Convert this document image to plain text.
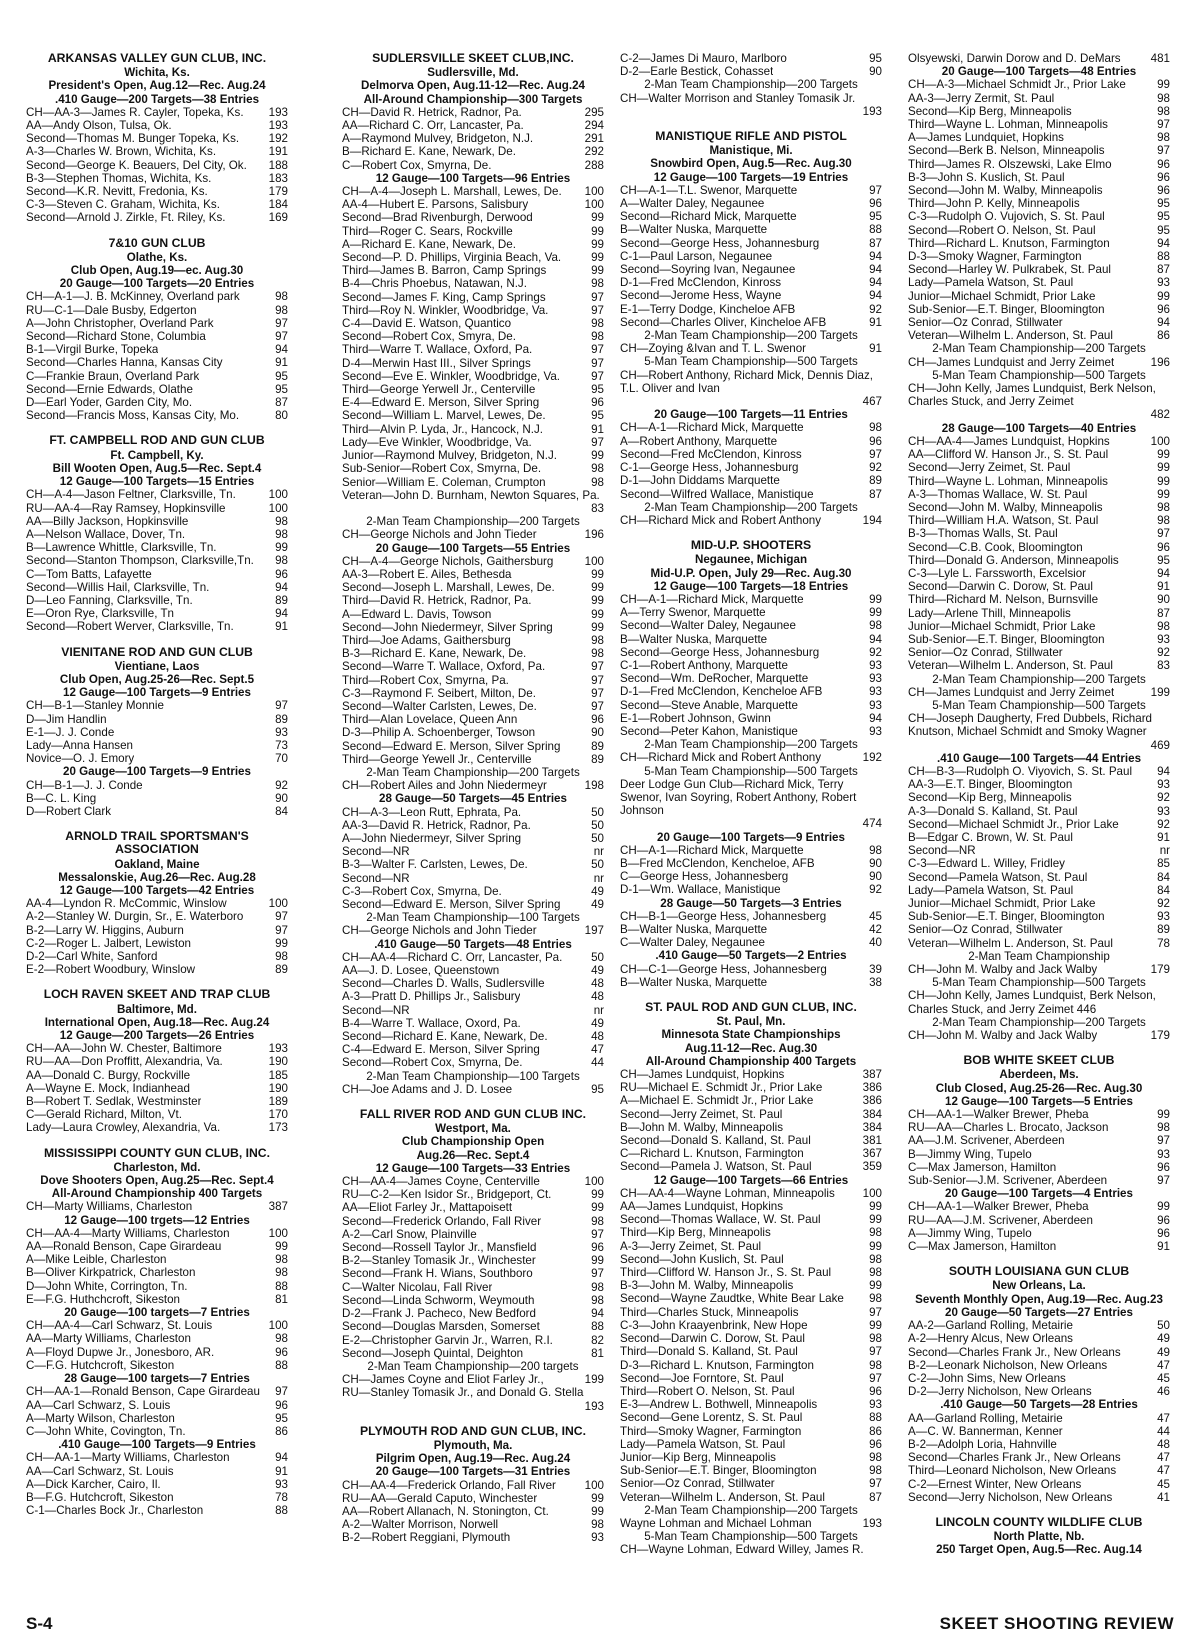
ARKANSAS VALLEY GUN CLUB, INC.
Wichita, Ks.
President's Open, Aug.12—Rec. Aug.24
.410 Gauge—200 Targets—38 Entries
CH—AA-3—James R. Cayler, Topeka, Ks.	193
AA—Andy Olson, Tulsa, Ok.	193
Second—Thomas M. Bunger Topeka, Ks.	192
A-3—Charles W. Brown, Wichita, Ks.	191
Second—George K. Beauers, Del City, Ok.	188
B-3—Stephen Thomas, Wichita, Ks.	183
Second—K.R. Nevitt, Fredonia, Ks.	179
C-3—Steven C. Graham, Wichita, Ks.	184
Second—Arnold J. Zirkle, Ft. Riley, Ks.	169
7&10 GUN CLUB
Olathe, Ks.
Club Open, Aug.19—ec. Aug.30
20 Gauge—100 Targets—20 Entries
CH—A-1—J. B. McKinney, Overland park	98
RU—C-1—Dale Busby, Edgerton	98
A—John Christopher, Overland Park	97
Second—Richard Stone, Columbia	97
B-1—Virgil Burke, Topeka	94
Second—Charles Hanna, Kansas City	91
C—Frankie Braun, Overland Park	95
Second—Ernie Edwards, Olathe	95
D—Earl Yoder, Garden City, Mo.	87
Second—Francis Moss, Kansas City, Mo.	80
FT. CAMPBELL ROD AND GUN CLUB
Ft. Campbell, Ky.
Bill Wooten Open, Aug.5—Rec. Sept.4
12 Gauge—100 Targets—15 Entries
CH—A-4—Jason Feltner, Clarksville, Tn.	100
RU—AA-4—Ray Ramsey, Hopkinsville	100
AA—Billy Jackson, Hopkinsville	98
A—Nelson Wallace, Dover, Tn.	98
B—Lawrence Whittle, Clarksville, Tn.	99
Second—Stanton Thompson, Clarksville,Tn.	98
C—Tom Batts, Lafayette	96
Second—Willis Hail, Clarksville, Tn.	94
D—Leo Fanning, Clarksville, Tn.	89
E—Oron Rye, Clarksville, Tn	94
Second—Robert Werver, Clarksville, Tn.	91
VIENITANE ROD AND GUN CLUB
Vientiane, Laos
Club Open, Aug.25-26—Rec. Sept.5
12 Gauge—100 Targets—9 Entries
CH—B-1—Stanley Monnie	97
D—Jim Handlin	89
E-1—J. J. Conde	93
Lady—Anna Hansen	73
Novice—O. J. Emory	70
20 Gauge—100 Targets—9 Entries
CH—B-1—J. J. Conde	92
B—C. L. King	90
D—Robert Clark	84
ARNOLD TRAIL SPORTSMAN'S ASSOCIATION
Oakland, Maine
Messalonskie, Aug.26—Rec. Aug.28
12 Gauge—100 Targets—42 Entries
AA-4—Lyndon R. McCommic, Winslow	100
A-2—Stanley W. Durgin, Sr., E. Waterboro	97
B-2—Larry W. Higgins, Auburn	97
C-2—Roger L. Jalbert, Lewiston	99
D-2—Carl White, Sanford	98
E-2—Robert Woodbury, Winslow	89
LOCH RAVEN SKEET AND TRAP CLUB
Baltimore, Md.
International Open, Aug.18—Rec. Aug.24
12 Gauge—200 Targets—26 Entries
CH—AA—John W. Chester, Baltimore	193
RU—AA—Don Proffitt, Alexandria, Va.	190
AA—Donald C. Burgy, Rockville	185
A—Wayne E. Mock, Indianhead	190
B—Robert T. Sedlak, Westminster	189
C—Gerald Richard, Milton, Vt.	170
Lady—Laura Crowley, Alexandria, Va.	173
MISSISSIPPI COUNTY GUN CLUB, INC.
Charleston, Md.
Dove Shooters Open, Aug.25—Rec. Sept.4
All-Around Championship 400 Targets
CH—Marty Williams, Charleston	387
12 Gauge—100 trgets—12 Entries
CH—AA-4—Marty Williams, Charleston	100
AA—Ronald Benson, Cape Girardeau	99
A—Mike Leible, Charleston	98
B—Oliver Kirkpatrick, Charleston	98
D—John White, Corrington, Tn.	88
E—F.G. Huthchcroft, Sikeston	81
20 Gauge—100 targets—7 Entries
CH—AA-4—Carl Schwarz, St. Louis	100
AA—Marty Williams, Charleston	98
A—Floyd Dupwe Jr., Jonesboro, AR.	96
C—F.G. Hutchcroft, Sikeston	88
28 Gauge—100 targets—7 Entries
CH—AA-1—Ronald Benson, Cape Girardeau	97
AA—Carl Schwarz, S. Louis	96
A—Marty Wilson, Charleston	95
C—John White, Covington, Tn.	86
.410 Gauge—100 Targets—9 Entries
CH—AA-1—Marty Williams, Charleston	94
AA—Carl Schwarz, St. Louis	91
A—Dick Karcher, Cairo, Il.	93
B—F.G. Hutchcroft, Sikeston	78
C-1—Charles Bock Jr., Charleston	88
SUDLERSVILLE SKEET CLUB,INC.
Sudlersville, Md.
Delmorva Open, Aug.11-12—Rec. Aug.24
All-Around Championship—300 Targets
CH—David R. Hetrick, Radnor, Pa.	295
AA—Richard C. Orr, Lancaster, Pa.	294
A—Raymond Mulvey, Bridgeton, N.J.	291
B—Richard E. Kane, Newark, De.	292
C—Robert Cox, Smyrna, De.	288
12 Gauge—100 Targets—96 Entries
CH—A-4—Joseph L. Marshall, Lewes, De.	100
AA-4—Hubert E. Parsons, Salisbury	100
Second—Brad Rivenburgh, Derwood	99
Third—Roger C. Sears, Rockville	99
A—Richard E. Kane, Newark, De.	99
Second—P. D. Phillips, Virginia Beach, Va.	99
Third—James B. Barron, Camp Springs	99
B-4—Chris Phoebus, Natawan, N.J.	98
Second—James F. King, Camp Springs	97
Third—Roy N. Winkler, Woodbridge, Va.	97
C-4—David E. Watson, Quantico	98
Second—Robert Cox, Smyra, De.	98
Third—Warre T. Wallace, Oxford, Pa.	97
D-4—Merwin Hast III., Silver Springs	97
Second—Eve E. Winkler, Woodbridge, Va.	97
Third—George Yerwell Jr., Centerville	95
E-4—Edward E. Merson, Silver Spring	96
Second—William L. Marvel, Lewes, De.	95
Third—Alvin P. Lyda, Jr., Hancock, N.J.	91
Lady—Eve Winkler, Woodbridge, Va.	97
Junior—Raymond Mulvey, Bridgeton, N.J.	99
Sub-Senior—Robert Cox, Smyrna, De.	98
Senior—William E. Coleman, Crumpton	98
Veteran—John D. Burnham, Newton Squares, Pa.
83
2-Man Team Championship—200 Targets
CH—George Nichols and John Tieder	196
20 Gauge—100 Targets—55 Entries
CH—A-4—George Nichols, Gaithersburg	100
AA-3—Robert E. Ailes, Bethesda	99
Second—Joseph L. Marshall, Lewes, De.	99
Third—David R. Hetrick, Radnor, Pa.	99
A—Edward L. Davis, Towson	99
Second—John Niedermeyr, Silver Spring	99
Third—Joe Adams, Gaithersburg	98
B-3—Richard E. Kane, Newark, De.	98
Second—Warre T. Wallace, Oxford, Pa.	97
Third—Robert Cox, Smyrna, Pa.	97
C-3—Raymond F. Seibert, Milton, De.	97
Second—Walter Carlsten, Lewes, De.	97
Third—Alan Lovelace, Queen Ann	96
D-3—Philip A. Schoenberger, Towson	90
Second—Edward E. Merson, Silver Spring	89
Third—George Yewell Jr., Centerville	89
2-Man Team Championship—200 Targets
CH—Robert Ailes and John Niedermeyr	198
28 Gauge—50 Targets—45 Entries
CH—A-3—Leon Rutt, Ephrata, Pa.	50
AA-3—David R. Hetrick, Radnor, Pa.	50
A—John Niedermeyr, Silver Spring	50
Second—NR	nr
B-3—Walter F. Carlsten, Lewes, De.	50
Second—NR	nr
C-3—Robert Cox, Smyrna, De.	49
Second—Edward E. Merson, Silver Spring	49
2-Man Team Championship—100 Targets
CH—George Nichols and John Tieder	197
.410 Gauge—50 Targets—48 Entries
CH—AA-4—Richard C. Orr, Lancaster, Pa.	50
AA—J. D. Losee, Queenstown	49
Second—Charles D. Walls, Sudlersville	48
A-3—Pratt D. Phillips Jr., Salisbury	48
Second—NR	nr
B-4—Warre T. Wallace, Oxord, Pa.	49
Second—Richard E. Kane, Newark, De.	48
C-4—Edward E. Merson, Silver Spring	47
Second—Robert Cox, Smyrna, De.	44
2-Man Team Championship—100 Targets
CH—Joe Adams and J. D. Losee	95
FALL RIVER ROD AND GUN CLUB INC.
Westport, Ma.
Club Championship Open
Aug.26—Rec. Sept.4
12 Gauge—100 Targets—33 Entries
CH—AA-4—James Coyne, Centerville	100
RU—C-2—Ken Isidor Sr., Bridgeport, Ct.	99
AA—Eliot Farley Jr., Mattapoisett	99
Second—Frederick Orlando, Fall River	98
A-2—Carl Snow, Plainville	97
Second—Rossell Taylor Jr., Mansfield	96
B-2—Stanley Tomasik Jr., Winchester	99
Second—Frank H. Wians, Southboro	97
C—Walter Nicolau, Fall River	98
Second—Linda Schworm, Weymouth	98
D-2—Frank J. Pacheco, New Bedford	94
Second—Douglas Marsden, Somerset	88
E-2—Christopher Garvin Jr., Warren, R.I.	82
Second—Joseph Quintal, Deighton	81
2-Man Team Championship—200 targets
CH—James Coyne and Eliot Farley Jr.,	199
RU—Stanley Tomasik Jr., and Donald G. Stella
193
PLYMOUTH ROD AND GUN CLUB, INC.
Plymouth, Ma.
Pilgrim Open, Aug.19—Rec. Aug.24
20 Gauge—100 Targets—31 Entries
CH—AA-4—Frederick Orlando, Fall River	100
RU—AA—Gerald Caputo, Winchester	99
AA—Robert Allanach, N. Stonington, Ct.	99
A-2—Walter Morrison, Norwell	98
B-2—Robert Reggiani, Plymouth	93
C-2—James Di Mauro, Marlboro	95
D-2—Earle Bestick, Cohasset	90
2-Man Team Championship—200 Targets
CH—Walter Morrison and Stanley Tomasik Jr.
193
MANISTIQUE RIFLE AND PISTOL
Manistique, Mi.
Snowbird Open, Aug.5—Rec. Aug.30
12 Gauge—100 Targets—19 Entries
CH—A-1—T.L. Swenor, Marquette	97
A—Walter Daley, Negaunee	96
Second—Richard Mick, Marquette	95
B—Walter Nuska, Marquette	88
Second—George Hess, Johannesburg	87
C-1—Paul Larson, Negaunee	94
Second—Soyring Ivan, Negaunee	94
D-1—Fred McClendon, Kinross	94
Second—Jerome Hess, Wayne	94
E-1—Terry Dodge, Kincheloe AFB	92
Second—Charles Oliver, Kincheloe AFB	91
2-Man Team Championship—200 Targets
CH—Zoying &Ivan and T. L. Swenor	91
5-Man Team Championship—500 Targets
CH—Robert Anthony, Richard Mick, Dennis Diaz, T.L. Oliver and Ivan
467
20 Gauge—100 Targets—11 Entries
CH—A-1—Richard Mick, Marquette	98
A—Robert Anthony, Marquette	96
Second—Fred McClendon, Kinross	97
C-1—George Hess, Johannesburg	92
D-1—John Diddams Marquette	89
Second—Wilfred Wallace, Manistique	87
2-Man Team Championship—200 Targets
CH—Richard Mick and Robert Anthony	194
MID-U.P. SHOOTERS
Negaunee, Michigan
Mid-U.P. Open, July 29—Rec. Aug.30
12 Gauge—100 Targets—18 Entries
CH—A-1—Richard Mick, Marquette	99
A—Terry Swenor, Marquette	99
Second—Walter Daley, Negaunee	98
B—Walter Nuska, Marquette	94
Second—George Hess, Johannesburg	92
C-1—Robert Anthony, Marquette	93
Second—Wm. DeRocher, Marquette	93
D-1—Fred McClendon, Kencheloe AFB	93
Second—Steve Anable, Marquette	93
E-1—Robert Johnson, Gwinn	94
Second—Peter Kahon, Manistique	93
2-Man Team Championship—200 Targets
CH—Richard Mick and Robert Anthony	192
5-Man Team Championship—500 Targets
Deer Lodge Gun Club—Richard Mick, Terry Swenor, Ivan Soyring, Robert Anthony, Robert Johnson
474
20 Gauge—100 Targets—9 Entries
CH—A-1—Richard Mick, Marquette	98
B—Fred McClendon, Kencheloe, AFB	90
C—George Hess, Johannesberg	90
D-1—Wm. Wallace, Manistique	92
28 Gauge—50 Targets—3 Entries
CH—B-1—George Hess, Johannesberg	45
B—Walter Nuska, Marquette	42
C—Walter Daley, Negaunee	40
.410 Gauge—50 Targets—2 Entries
CH—C-1—George Hess, Johannesberg	39
B—Walter Nuska, Marquette	38
ST. PAUL ROD AND GUN CLUB, INC.
St. Paul, Mn.
Minnesota State Championships
Aug.11-12—Rec. Aug.30
All-Around Championship 400 Targets
CH—James Lundquist, Hopkins	387
RU—Michael E. Schmidt Jr., Prior Lake	386
A—Michael E. Schmidt Jr., Prior Lake	386
Second—Jerry Zeimet, St. Paul	384
B—John M. Walby, Minneapolis	384
Second—Donald S. Kalland, St. Paul	381
C—Richard L. Knutson, Farmington	367
Second—Pamela J. Watson, St. Paul	359
12 Gauge—100 Targets—66 Entries
CH—AA-4—Wayne Lohman, Minneapolis	100
AA—James Lundquist, Hopkins	99
Second—Thomas Wallace, W. St. Paul	99
Third—Kip Berg, Minneapolis	98
A-3—Jerry Zeimet, St. Paul	99
Second—John Kuslich, St. Paul	98
Third—Clifford W. Hanson Jr., S. St. Paul	98
B-3—John M. Walby, Minneapolis	99
Second—Wayne Zaudtke, White Bear Lake	98
Third—Charles Stuck, Minneapolis	97
C-3—John Kraayenbrink, New Hope	99
Second—Darwin C. Dorow, St. Paul	98
Third—Donald S. Kalland, St. Paul	97
D-3—Richard L. Knutson, Farmington	98
Second—Joe Forntore, St. Paul	97
Third—Robert O. Nelson, St. Paul	96
E-3—Andrew L. Bothwell, Minneapolis	93
Second—Gene Lorentz, S. St. Paul	88
Third—Smoky Wagner, Farmington	86
Lady—Pamela Watson, St. Paul	96
Junior—Kip Berg, Minneapolis	98
Sub-Senior—E.T. Binger, Bloomington	98
Senior—Oz Conrad, Stillwater	97
Veteran—Wilhelm L. Anderson, St. Paul	87
2-Man Team Championship—200 Targets
Wayne Lohman and Michael Lohman	193
5-Man Team Championship—500 Targets
CH—Wayne Lohman, Edward Willey, James R.
Olsyewski, Darwin Dorow and D. DeMars	481
20 Gauge—100 Targets—48 Entries
CH—A-3—Michael Schmidt Jr., Prior Lake	99
AA-3—Jerry Zermit, St. Paul	98
Second—Kip Berg, Minneapolis	98
Third—Wayne L. Lohman, Minneapolis	97
A—James Lundquiet, Hopkins	98
Second—Berk B. Nelson, Minneapolis	97
Third—James R. Olszewski, Lake Elmo	96
B-3—John S. Kuslich, St. Paul	96
Second—John M. Walby, Minneapolis	96
Third—John P. Kelly, Minneapolis	95
C-3—Rudolph O. Vujovich, S. St. Paul	95
Second—Robert O. Nelson, St. Paul	95
Third—Richard L. Knutson, Farmington	94
D-3—Smoky Wagner, Farmington	88
Second—Harley W. Pulkrabek, St. Paul	87
Lady—Pamela Watson, St. Paul	93
Junior—Michael Schmidt, Prior Lake	99
Sub-Senior—E.T. Binger, Bloomington	96
Senior—Oz Conrad, Stillwater	94
Veteran—Wilhelm L. Anderson, St. Paul	86
2-Man Team Championship—200 Targets
CH—James Lundquist and Jerry Zeimet	196
5-Man Team Championship—500 Targets
CH—John Kelly, James Lundquist, Berk Nelson, Charles Stuck, and Jerry Zeimet
482
28 Gauge—100 Targets—40 Entries
CH—AA-4—James Lundquist, Hopkins	100
AA—Clifford W. Hanson Jr., S. St. Paul	99
Second—Jerry Zeimet, St. Paul	99
Third—Wayne L. Lohman, Minneapolis	99
A-3—Thomas Wallace, W. St. Paul	99
Second—John M. Walby, Minneapolis	98
Third—William H.A. Watson, St. Paul	98
B-3—Thomas Walls, St. Paul	97
Second—C.B. Cook, Bloomington	96
Third—Donald G. Anderson, Minneapolis	95
C-3—Lyle L. Farssworth, Excelsior	94
Second—Darwin C. Dorow, St. Paul	91
Third—Richard M. Nelson, Burnsville	90
Lady—Arlene Thill, Minneapolis	87
Junior—Michael Schmidt, Prior Lake	98
Sub-Senior—E.T. Binger, Bloomington	93
Senior—Oz Conrad, Stillwater	92
Veteran—Wilhelm L. Anderson, St. Paul	83
2-Man Team Championship—200 Targets
CH—James Lundquist and Jerry Zeimet	199
5-Man Team Championship—500 Targets
CH—Joseph Daugherty, Fred Dubbels, Richard Knutson, Michael Schmidt and Smoky Wagner
469
.410 Gauge—100 Targets—44 Entries
CH—B-3—Rudolph O. Viyovich, S. St. Paul	94
AA-3—E.T. Binger, Bloomington	93
Second—Kip Berg, Minneapolis	92
A-3—Donald S. Kalland, St. Paul	93
Second—Michael Schmidt Jr., Prior Lake	92
B—Edgar C. Brown, W. St. Paul	91
Second—NR	nr
C-3—Edward L. Willey, Fridley	85
Second—Pamela Watson, St. Paul	84
Lady—Pamela Watson, St. Paul	84
Junior—Michael Schmidt, Prior Lake	92
Sub-Senior—E.T. Binger, Bloomington	93
Senior—Oz Conrad, Stillwater	89
Veteran—Wilhelm L. Anderson, St. Paul	78
2-Man Team Championship
CH—John M. Walby and Jack Walby	179
5-Man Team Championship—500 Targets
CH—John Kelly, James Lundquist, Berk Nelson, Charles Stuck, and Jerry Zeimet 446
2-Man Team Championship—200 Targets
CH—John M. Walby and Jack Walby	179
BOB WHITE SKEET CLUB
Aberdeen, Ms.
Club Closed, Aug.25-26—Rec. Aug.30
12 Gauge—100 Targets—5 Entries
CH—AA-1—Walker Brewer, Pheba	99
RU—AA—Charles L. Brocato, Jackson	98
AA—J.M. Scrivener, Aberdeen	97
B—Jimmy Wing, Tupelo	93
C—Max Jamerson, Hamilton	96
Sub-Senior—J.M. Scrivener, Aberdeen	97
20 Gauge—100 Targets—4 Entries
CH—AA-1—Walker Brewer, Pheba	99
RU—AA—J.M. Scrivener, Aberdeen	96
A—Jimmy Wing, Tupelo	96
C—Max Jamerson, Hamilton	91
SOUTH LOUISIANA GUN CLUB
New Orleans, La.
Seventh Monthly Open, Aug.19—Rec. Aug.23
20 Gauge—50 Targets—27 Entries
AA-2—Garland Rolling, Metairie	50
A-2—Henry Alcus, New Orleans	49
Second—Charles Frank Jr., New Orleans	49
B-2—Leonark Nicholson, New Orleans	47
C-2—John Sims, New Orleans	45
D-2—Jerry Nicholson, New Orleans	46
.410 Gauge—50 Targets—28 Entries
AA—Garland Rolling, Metairie	47
A—C. W. Bannerman, Kenner	44
B-2—Adolph Loria, Hahnville	48
Second—Charles Frank Jr., New Orleans	47
Third—Leonard Nicholson, New Orleans	47
C-2—Ernest Winter, New Orleans	45
Second—Jerry Nicholson, New Orleans	41
LINCOLN COUNTY WILDLIFE CLUB
North Platte, Nb.
250 Target Open, Aug.5—Rec. Aug.14
S-4	SKEET SHOOTING REVIEW
